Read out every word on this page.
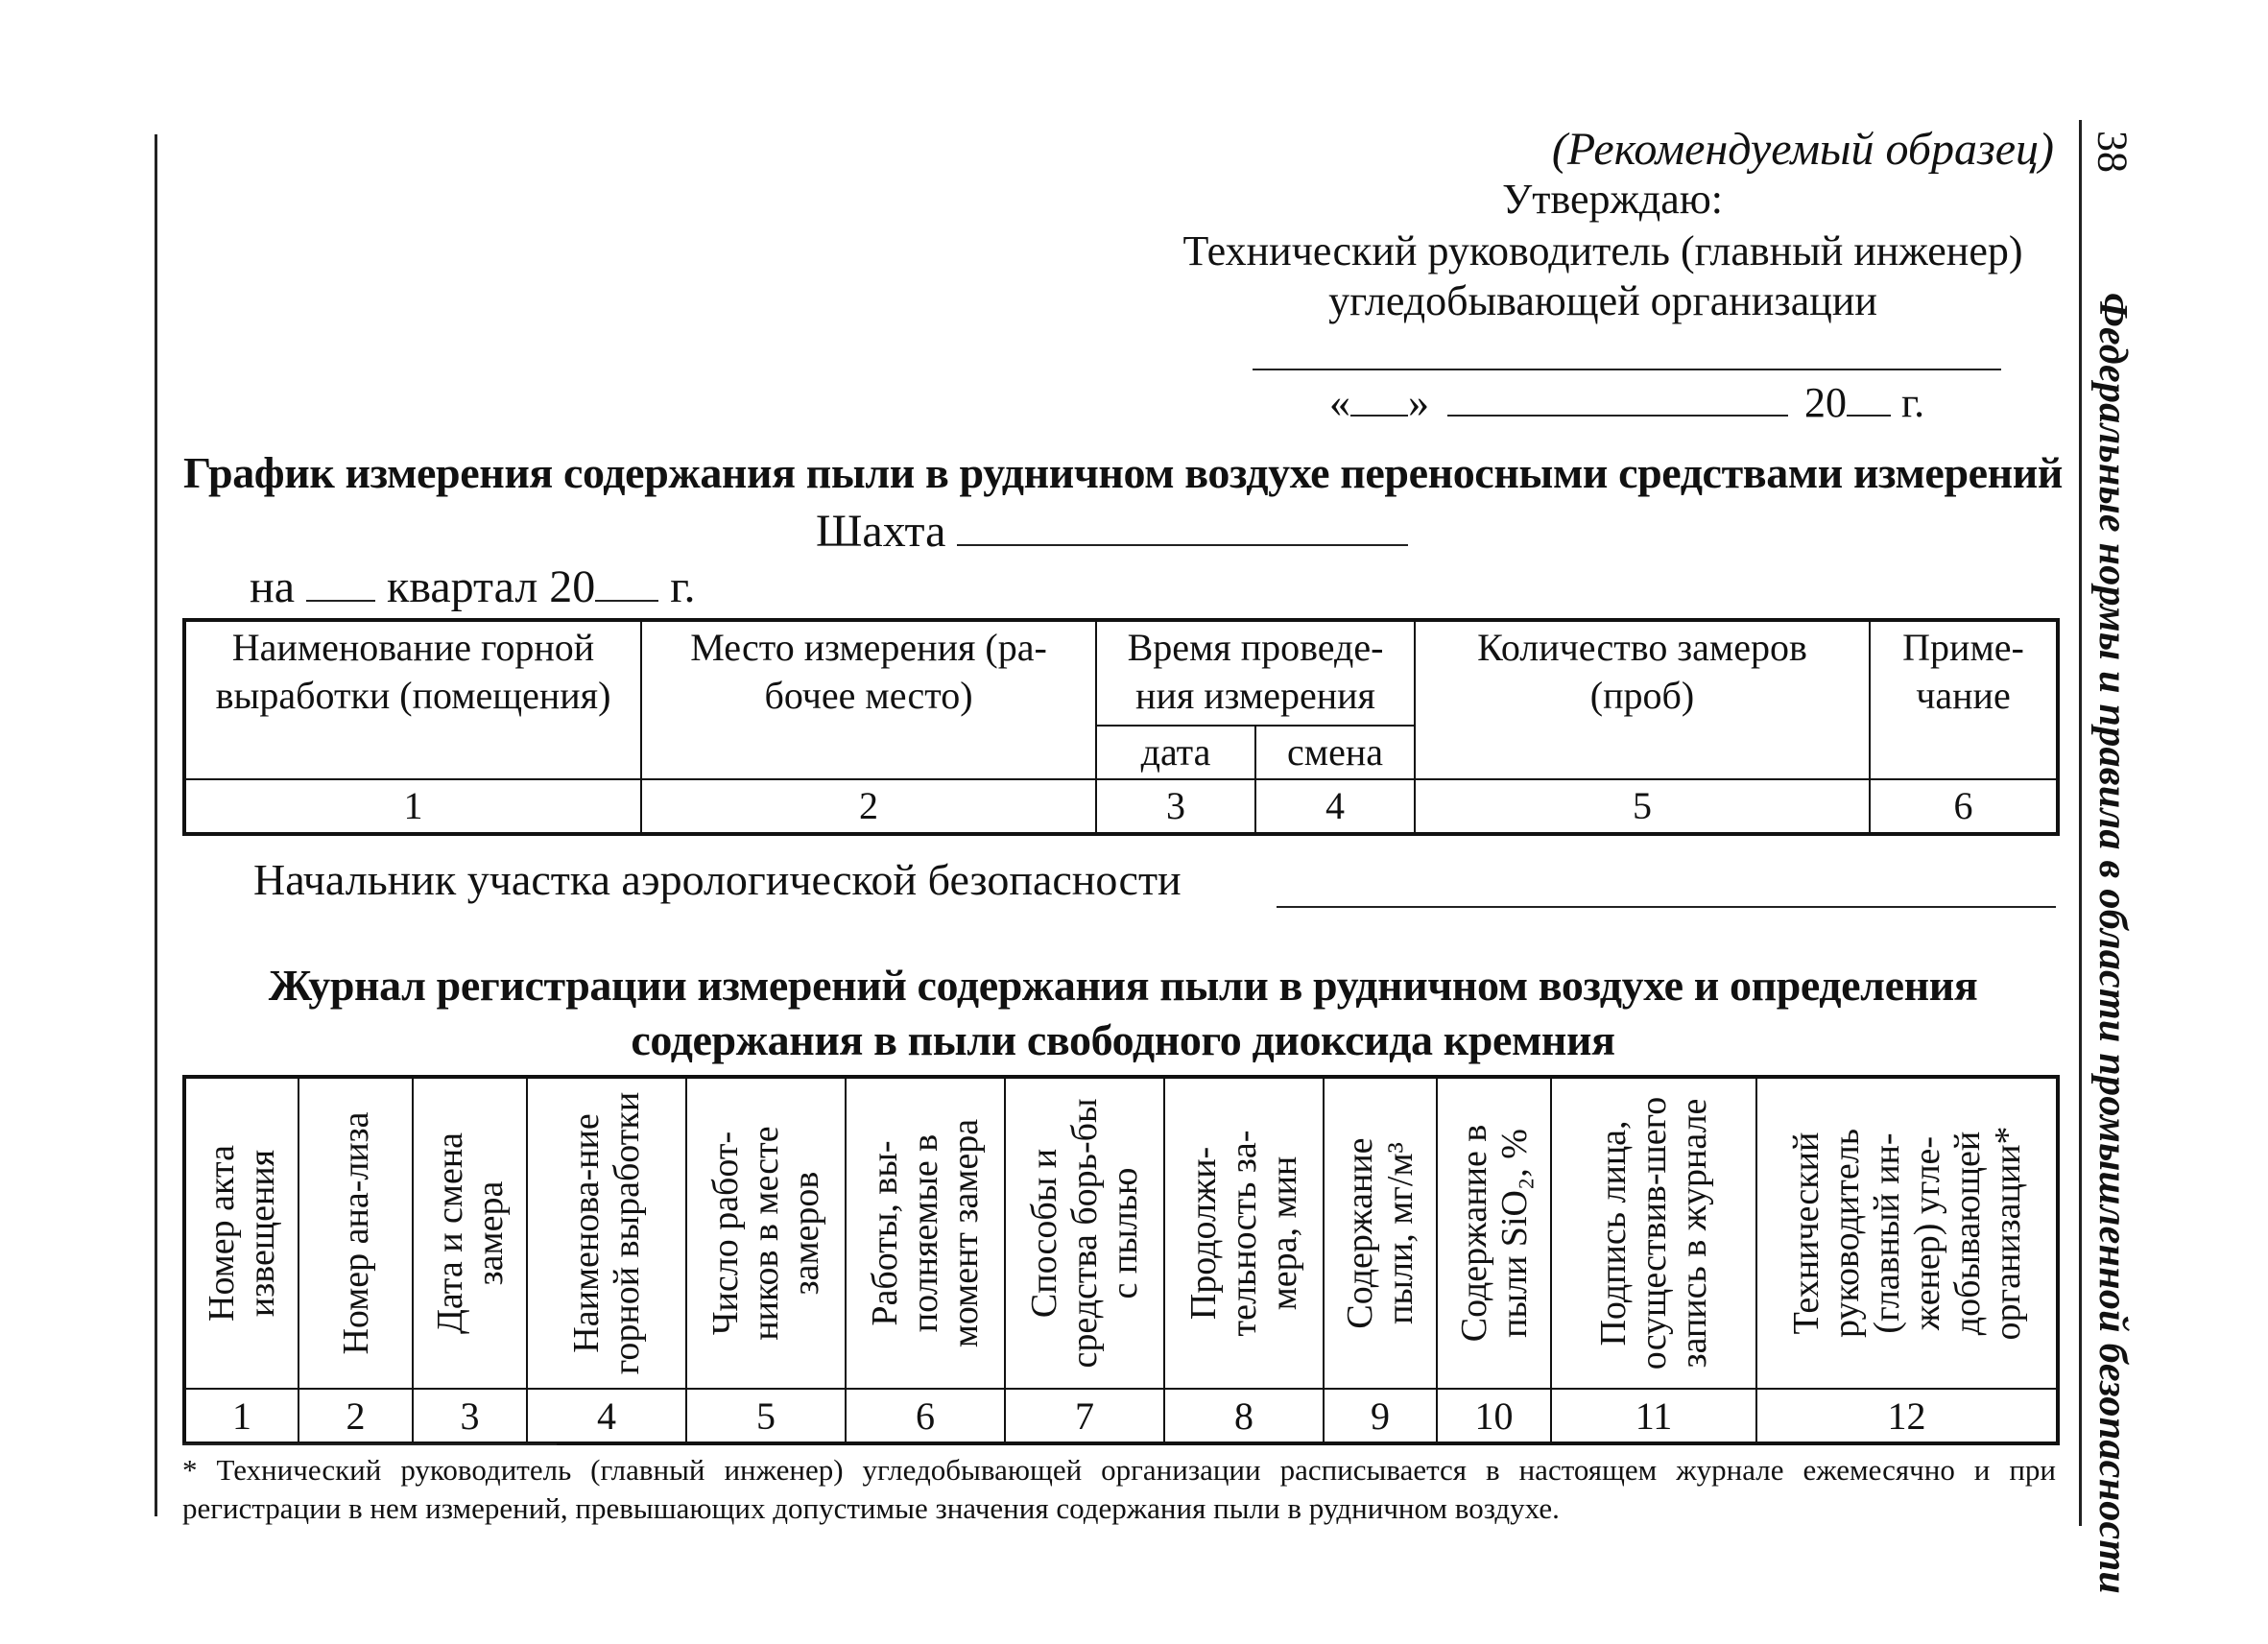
38
Федеральные нормы и правила в области промышленной безопасности
(Рекомендуемый образец)
Утверждаю:
Технический руководитель (главный инженер)
угледобывающей организации
« »	20 г.
График измерения содержания пыли в рудничном воздухе переносными средствами измерений
Шахта
на квартал 20 г.
Наименование горной выработки (помещения)	Место измерения (ра-бочее место)	Время проведе-ния измерения		Количество замеров (проб)	Приме-чание
		дата	смена		
1	2	3	4	5	6
Начальник участка аэрологической безопасности
Журнал регистрации измерений содержания пыли в рудничном воздухе и определения
содержания в пыли свободного диоксида кремния
Номер акта извещения	Номер ана-лиза	Дата и смена замера	Наименова-ние горной выработки	Число работ-ников в месте замеров	Работы, вы-полняемые в момент замера	Способы и средства борь-бы с пылью	Продолжи-тельность за-мера, мин	Содержание пыли, мг/м³	Содержание в пыли SiO₂, %	Подпись лица, осуществив-шего запись в журнале	Технический руководитель (главный ин-женер) угле-добывающей организации*

1	2	3	4	5	6	7	8	9	10	11	12
* Технический руководитель (главный инженер) угледобывающей организации расписывается в настоящем журнале ежемесячно и при регистрации в нем измерений, превышающих допустимые значения содержания пыли в рудничном воздухе.
